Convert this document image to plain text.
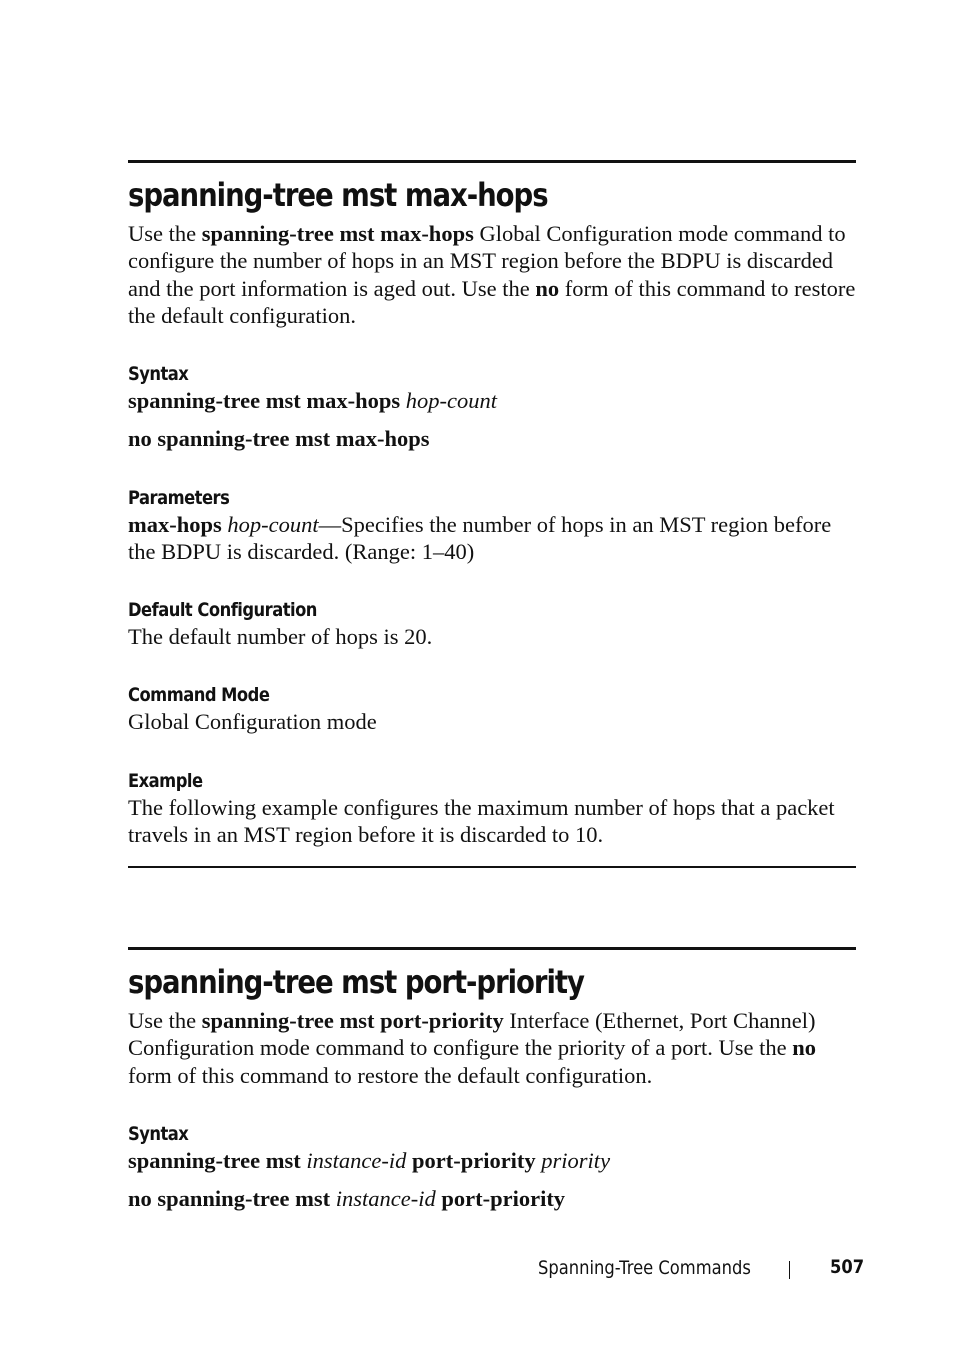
spanning-tree mst max-hops

Use the spanning-tree mst max-hops Global Configuration mode command to configure the number of hops in an MST region before the BDPU is discarded and the port information is aged out. Use the no form of this command to restore the default configuration.

Syntax

spanning-tree mst max-hops hop-count

no spanning-tree mst max-hops

Parameters

max-hops hop-count—Specifies the number of hops in an MST region before the BDPU is discarded. (Range: 1–40)

Default Configuration

The default number of hops is 20.

Command Mode

Global Configuration mode

Example

The following example configures the maximum number of hops that a packet travels in an MST region before it is discarded to 10.

spanning-tree mst port-priority

Use the spanning-tree mst port-priority Interface (Ethernet, Port Channel) Configuration mode command to configure the priority of a port. Use the no form of this command to restore the default configuration.

Syntax

spanning-tree mst instance-id port-priority priority

no spanning-tree mst instance-id port-priority

Spanning-Tree Commands	507
